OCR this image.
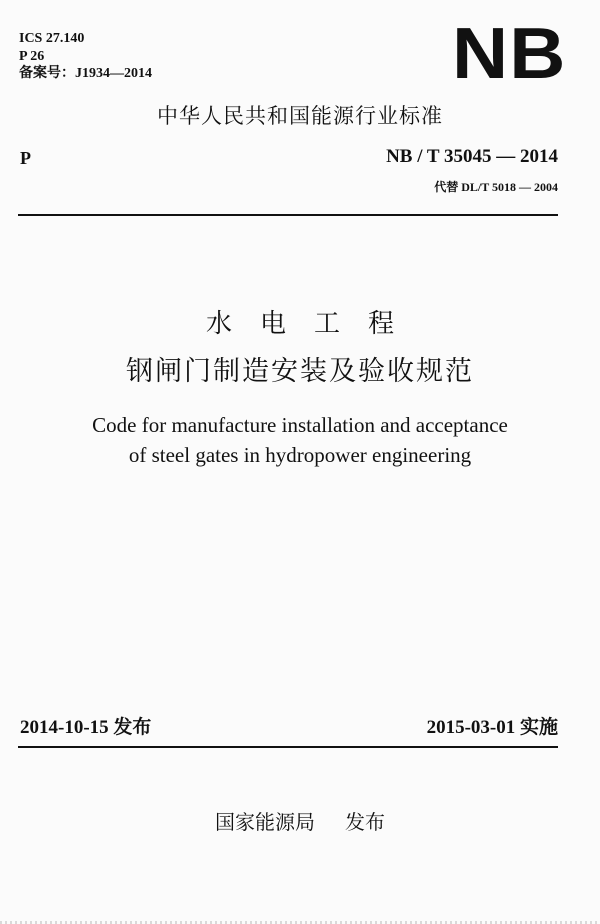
ICS 27.140
P 26
备案号：J1934—2014	NB
中华人民共和国能源行业标准
P	NB / T 35045 — 2014
代替 DL/T 5018 — 2004
水电工程
钢闸门制造安装及验收规范
Code for manufacture installation and acceptance
of steel gates in hydropower engineering
2014-10-15 发布	2015-03-01 实施
国家能源局 发布
